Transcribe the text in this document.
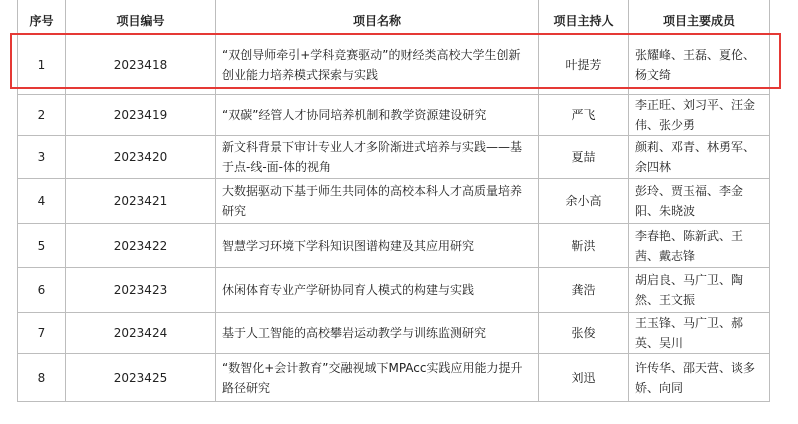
序号	项目编号	项目名称	项目主持人	项目主要成员
1	2023418	“双创导师牵引+学科竞赛驱动”的财经类高校大学生创新创业能力培养模式探索与实践	叶提芳	张耀峰、王磊、夏伦、杨文绮
2	2023419	“双碳”经管人才协同培养机制和教学资源建设研究	严飞	李正旺、刘习平、汪金伟、张少勇
3	2023420	新文科背景下审计专业人才多阶渐进式培养与实践——基于点-线-面-体的视角	夏喆	颜莉、邓青、林勇军、余四林
4	2023421	大数据驱动下基于师生共同体的高校本科人才高质量培养研究	余小高	彭玲、贾玉福、李金阳、朱晓波
5	2023422	智慧学习环境下学科知识图谱构建及其应用研究	靳洪	李春艳、陈新武、王茜、戴志锋
6	2023423	休闲体育专业产学研协同育人模式的构建与实践	龚浩	胡启良、马广卫、陶然、王文振
7	2023424	基于人工智能的高校攀岩运动教学与训练监测研究	张俊	王玉锋、马广卫、郝英、吴川
8	2023425	“数智化+会计教育”交融视域下MPAcc实践应用能力提升路径研究	刘迅	许传华、邵天营、谈多娇、向同
